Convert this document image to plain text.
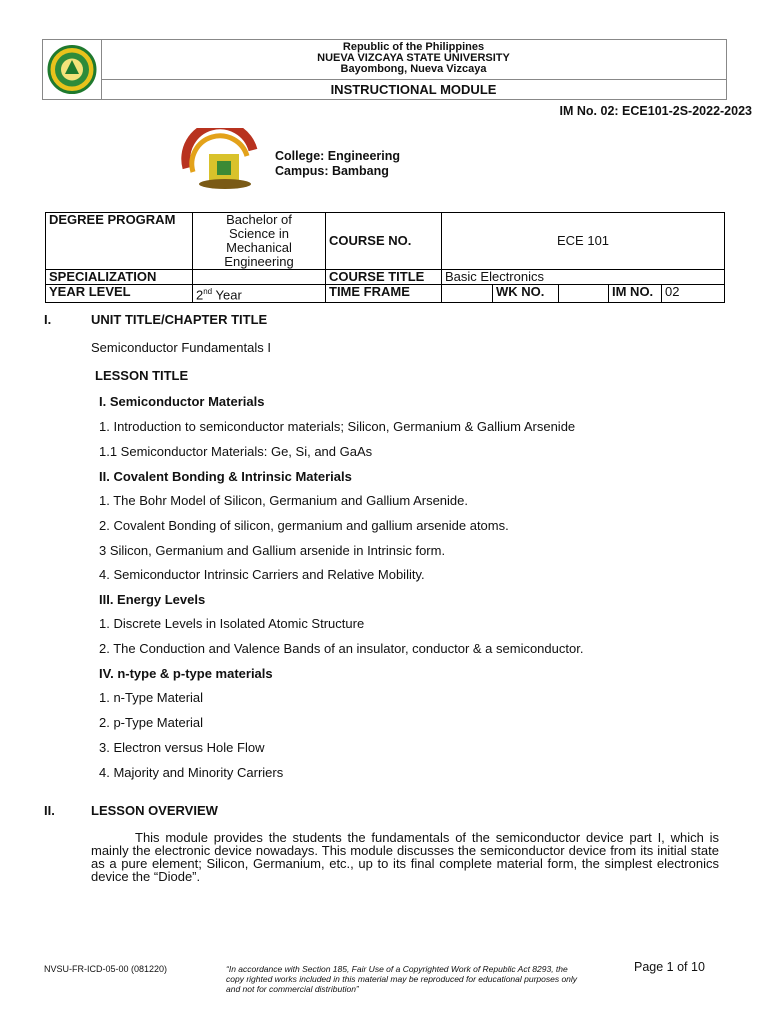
Republic of the Philippines
NUEVA VIZCAYA STATE UNIVERSITY
Bayombong, Nueva Vizcaya
INSTRUCTIONAL MODULE
IM No. 02: ECE101-2S-2022-2023
College: Engineering
Campus: Bambang
DEGREE PROGRAM	Bachelor of Science in Mechanical Engineering	COURSE NO.	ECE 101				
SPECIALIZATION		COURSE TITLE	Basic Electronics				
YEAR LEVEL	2nd Year	TIME FRAME		WK NO.		IM NO.	02
I.	UNIT TITLE/CHAPTER TITLE
Semiconductor Fundamentals I
LESSON TITLE
I. Semiconductor Materials
1. Introduction to semiconductor materials; Silicon, Germanium & Gallium Arsenide
1.1 Semiconductor Materials: Ge, Si, and GaAs
II. Covalent Bonding & Intrinsic Materials
1. The Bohr Model of Silicon, Germanium and Gallium Arsenide.
2. Covalent Bonding of silicon, germanium and gallium arsenide atoms.
3 Silicon, Germanium and Gallium arsenide in Intrinsic form.
4. Semiconductor Intrinsic Carriers and Relative Mobility.
III. Energy Levels
1. Discrete Levels in Isolated Atomic Structure
2. The Conduction and Valence Bands of an insulator, conductor & a semiconductor.
IV. n-type & p-type materials
1. n-Type Material
2. p-Type Material
3. Electron versus Hole Flow
4. Majority and Minority Carriers
II.	LESSON OVERVIEW
This module provides the students the fundamentals of the semiconductor device part I, which is mainly the electronic device nowadays. This module discusses the semiconductor device from its initial state as a pure element; Silicon, Germanium, etc., up to its final complete material form, the simplest electronics device the “Diode”.
NVSU-FR-ICD-05-00 (081220)	“In accordance with Section 185, Fair Use of a Copyrighted Work of Republic Act 8293, the copy righted works included in this material may be reproduced for educational purposes only and not for commercial distribution”
Page 1 of 10
